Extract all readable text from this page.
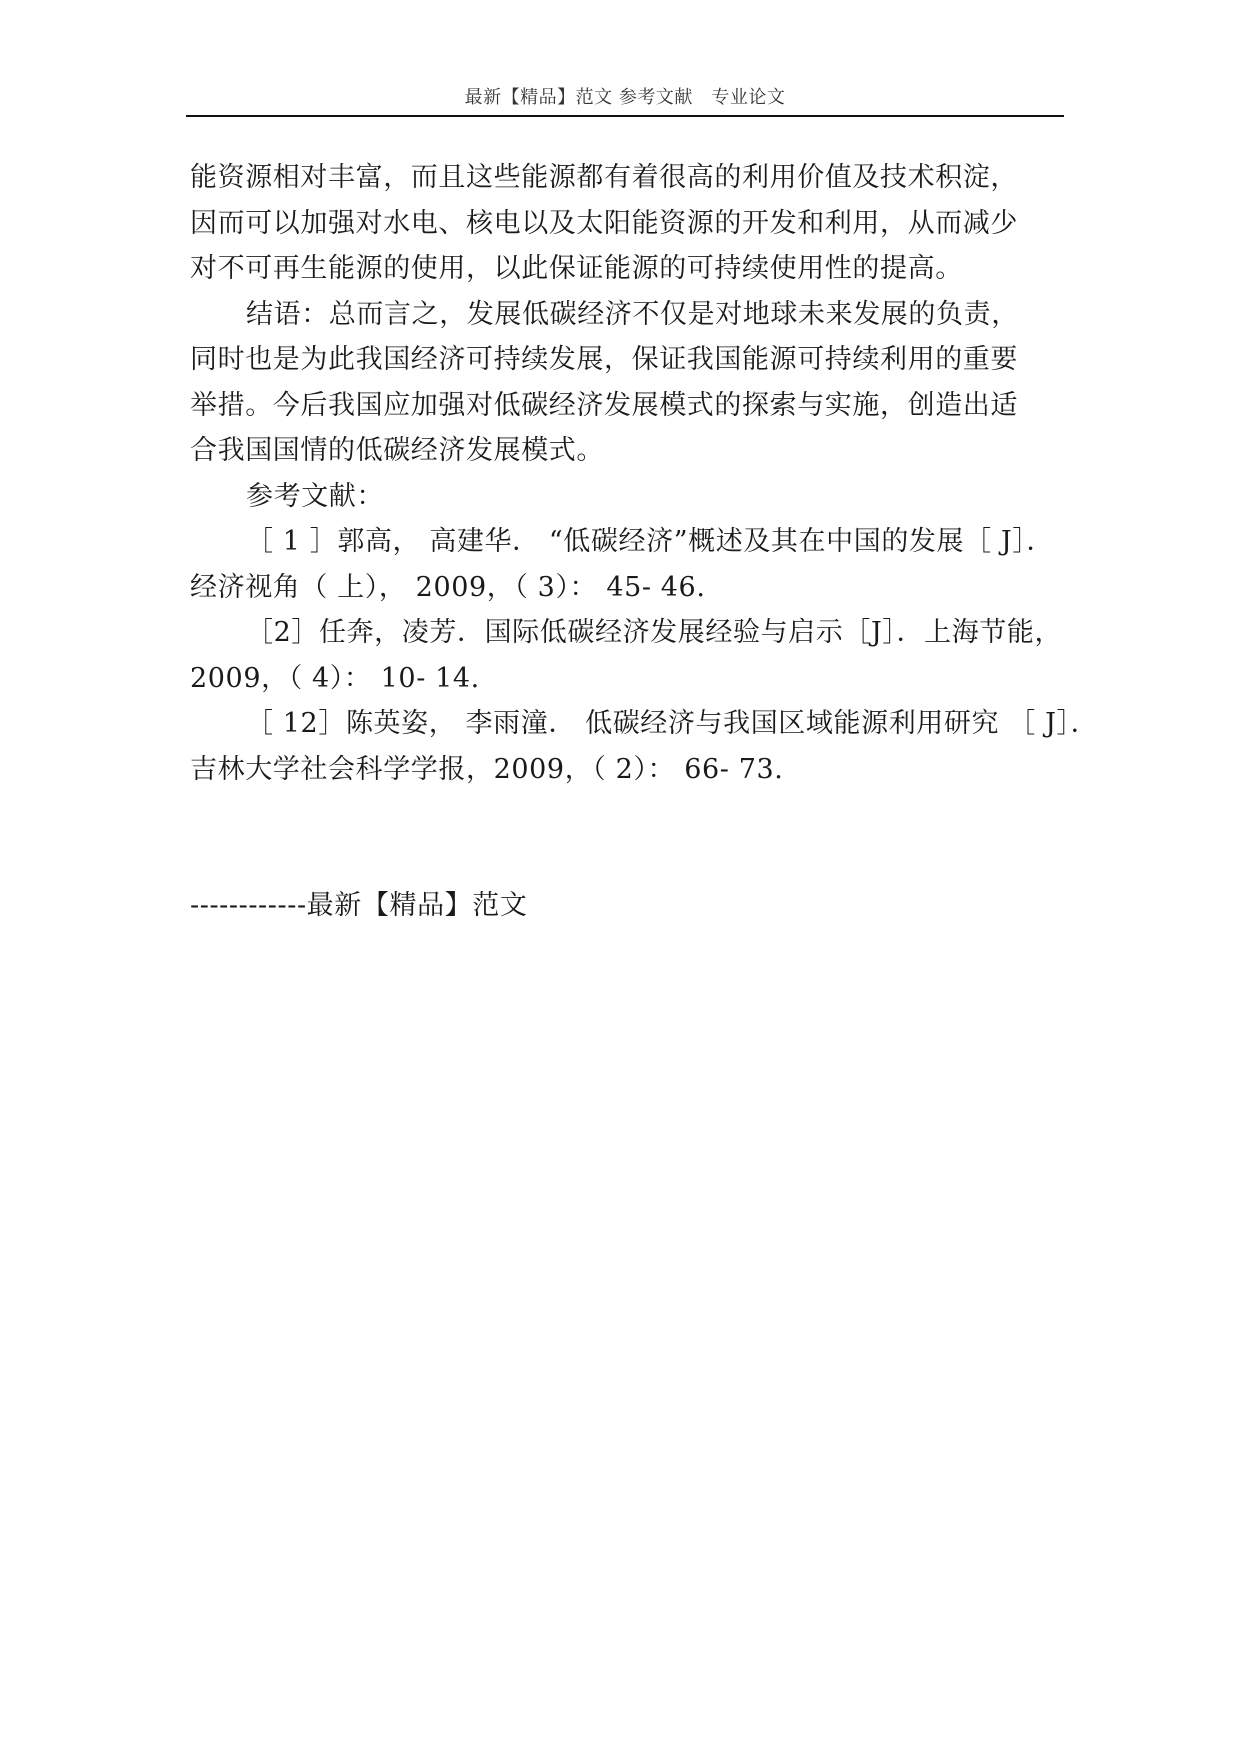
最新【精品】范文 参考文献　专业论文
能资源相对丰富，而且这些能源都有着很高的利用价值及技术积淀，
因而可以加强对水电、核电以及太阳能资源的开发和利用，从而减少
对不可再生能源的使用，以此保证能源的可持续使用性的提高。
结语：总而言之，发展低碳经济不仅是对地球未来发展的负责，
同时也是为此我国经济可持续发展，保证我国能源可持续利用的重要
举措。今后我国应加强对低碳经济发展模式的探索与实施，创造出适
合我国国情的低碳经济发展模式。
参考文献：
［ 1 ］郭高， 高建华． “低碳经济”概述及其在中国的发展［ J］．
经济视角（ 上）， 2009，（ 3）： 45- 46.
［2］任奔，凌芳．国际低碳经济发展经验与启示［J］．上海节能，
2009，（ 4）： 10- 14.
［ 12］陈英姿， 李雨潼． 低碳经济与我国区域能源利用研究 ［ J］．
吉林大学社会科学学报，2009，（ 2）： 66- 73.
------------最新【精品】范文
